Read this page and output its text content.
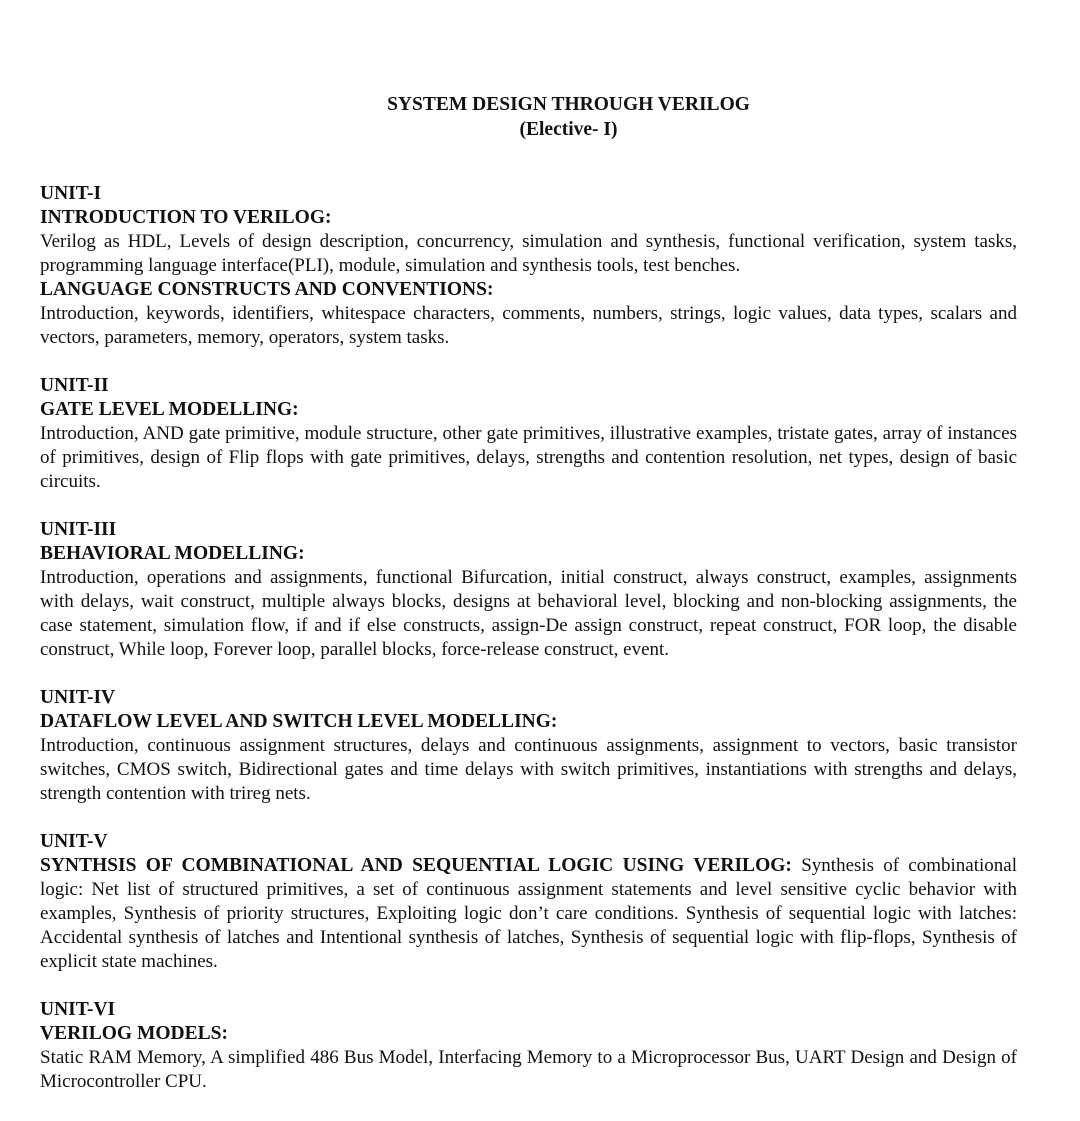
SYSTEM DESIGN THROUGH VERILOG
(Elective- I)
UNIT-I
INTRODUCTION TO VERILOG:
Verilog as HDL, Levels of design description, concurrency, simulation and synthesis, functional verification, system tasks, programming language interface(PLI), module, simulation and synthesis tools, test benches.
LANGUAGE CONSTRUCTS AND CONVENTIONS:
Introduction, keywords, identifiers, whitespace characters, comments, numbers, strings, logic values, data types, scalars and vectors, parameters, memory, operators, system tasks.
UNIT-II
GATE LEVEL MODELLING:
Introduction, AND gate primitive, module structure, other gate primitives, illustrative examples, tristate gates, array of instances of primitives, design of Flip flops with gate primitives, delays, strengths and contention resolution, net types, design of basic circuits.
UNIT-III
BEHAVIORAL MODELLING:
Introduction, operations and assignments, functional Bifurcation, initial construct, always construct, examples, assignments with delays, wait construct, multiple always blocks, designs at behavioral level, blocking and non-blocking assignments, the case statement, simulation flow, if and if else constructs, assign-De assign construct, repeat construct, FOR loop, the disable construct, While loop, Forever loop, parallel blocks, force-release construct, event.
UNIT-IV
DATAFLOW LEVEL AND SWITCH LEVEL MODELLING:
Introduction, continuous assignment structures, delays and continuous assignments, assignment to vectors, basic transistor switches, CMOS switch, Bidirectional gates and time delays with switch primitives, instantiations with strengths and delays, strength contention with trireg nets.
UNIT-V
SYNTHSIS OF COMBINATIONAL AND SEQUENTIAL LOGIC USING VERILOG: Synthesis of combinational logic: Net list of structured primitives, a set of continuous assignment statements and level sensitive cyclic behavior with examples, Synthesis of priority structures, Exploiting logic don’t care conditions. Synthesis of sequential logic with latches: Accidental synthesis of latches and Intentional synthesis of latches, Synthesis of sequential logic with flip-flops, Synthesis of explicit state machines.
UNIT-VI
VERILOG MODELS:
Static RAM Memory, A simplified 486 Bus Model, Interfacing Memory to a Microprocessor Bus, UART Design and Design of Microcontroller CPU.
